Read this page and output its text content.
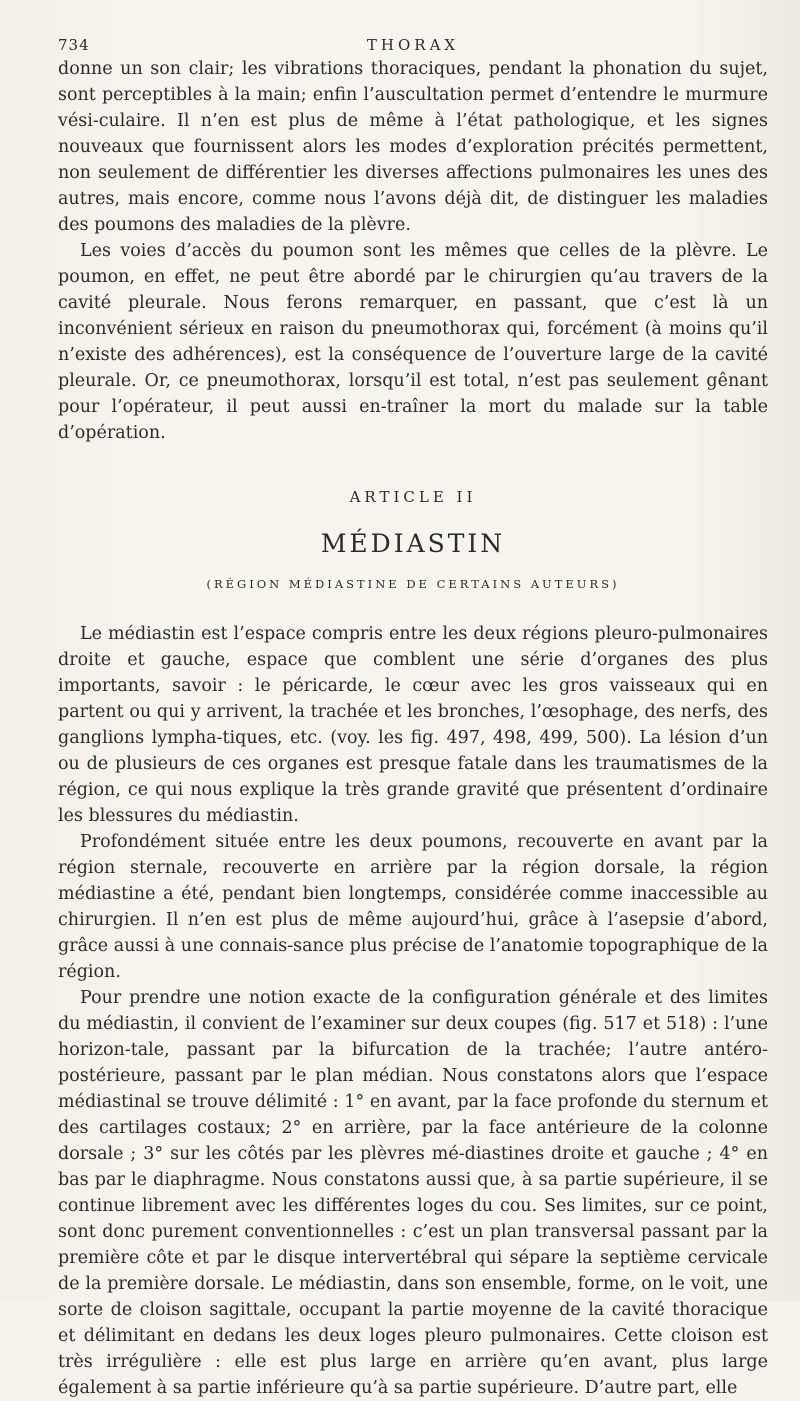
734	THORAX

donne un son clair; les vibrations thoraciques, pendant la phonation du sujet, sont perceptibles à la main; enfin l’auscultation permet d’entendre le murmure vési-culaire. Il n’en est plus de même à l’état pathologique, et les signes nouveaux que fournissent alors les modes d’exploration précités permettent, non seulement de différentier les diverses affections pulmonaires les unes des autres, mais encore, comme nous l’avons déjà dit, de distinguer les maladies des poumons des maladies de la plèvre.

Les voies d’accès du poumon sont les mêmes que celles de la plèvre. Le poumon, en effet, ne peut être abordé par le chirurgien qu’au travers de la cavité pleurale. Nous ferons remarquer, en passant, que c’est là un inconvénient sérieux en raison du pneumothorax qui, forcément (à moins qu’il n’existe des adhérences), est la conséquence de l’ouverture large de la cavité pleurale. Or, ce pneumothorax, lorsqu’il est total, n’est pas seulement gênant pour l’opérateur, il peut aussi en-traîner la mort du malade sur la table d’opération.

ARTICLE II
MÉDIASTIN
(RÉGION MÉDIASTINE DE CERTAINS AUTEURS)

Le médiastin est l’espace compris entre les deux régions pleuro-pulmonaires droite et gauche, espace que comblent une série d’organes des plus importants, savoir : le péricarde, le cœur avec les gros vaisseaux qui en partent ou qui y arrivent, la trachée et les bronches, l’œsophage, des nerfs, des ganglions lympha-tiques, etc. (voy. les fig. 497, 498, 499, 500). La lésion d’un ou de plusieurs de ces organes est presque fatale dans les traumatismes de la région, ce qui nous explique la très grande gravité que présentent d’ordinaire les blessures du médiastin.

Profondément située entre les deux poumons, recouverte en avant par la région sternale, recouverte en arrière par la région dorsale, la région médiastine a été, pendant bien longtemps, considérée comme inaccessible au chirurgien. Il n’en est plus de même aujourd’hui, grâce à l’asepsie d’abord, grâce aussi à une connais-sance plus précise de l’anatomie topographique de la région.

Pour prendre une notion exacte de la configuration générale et des limites du médiastin, il convient de l’examiner sur deux coupes (fig. 517 et 518) : l’une horizon-tale, passant par la bifurcation de la trachée; l’autre antéro-postérieure, passant par le plan médian. Nous constatons alors que l’espace médiastinal se trouve délimité : 1° en avant, par la face profonde du sternum et des cartilages costaux; 2° en arrière, par la face antérieure de la colonne dorsale ; 3° sur les côtés par les plèvres mé-diastines droite et gauche ; 4° en bas par le diaphragme. Nous constatons aussi que, à sa partie supérieure, il se continue librement avec les différentes loges du cou. Ses limites, sur ce point, sont donc purement conventionnelles : c’est un plan transversal passant par la première côte et par le disque intervertébral qui sépare la septième cervicale de la première dorsale. Le médiastin, dans son ensemble, forme, on le voit, une sorte de cloison sagittale, occupant la partie moyenne de la cavité thoracique et délimitant en dedans les deux loges pleuro pulmonaires. Cette cloison est très irrégulière : elle est plus large en arrière qu’en avant, plus large également à sa partie inférieure qu’à sa partie supérieure. D’autre part, elle
